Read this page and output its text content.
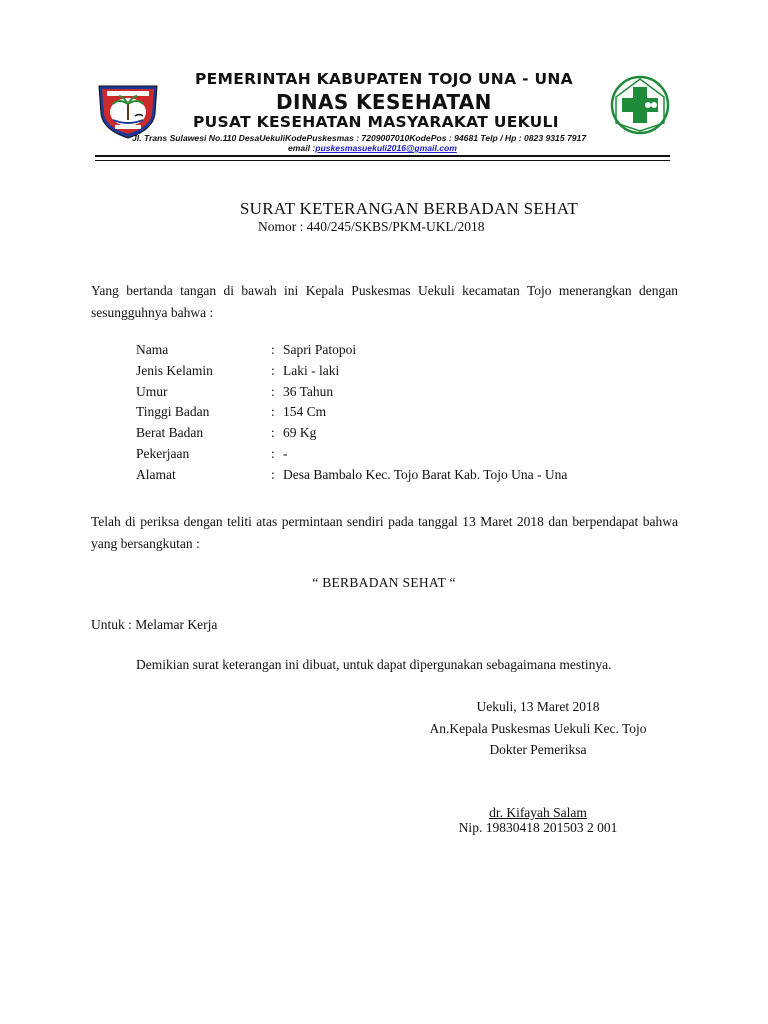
PEMERINTAH KABUPATEN TOJO UNA - UNA
DINAS KESEHATAN
PUSAT KESEHATAN MASYARAKAT UEKULI
Jl. Trans Sulawesi No.110 DesaUekuliKodePuskesmas : 7209007010KodePos : 94681 Telp / Hp : 0823 9315 7917
email :puskesmasuekuli2016@gmail.com
SURAT KETERANGAN BERBADAN SEHAT
Nomor : 440/245/SKBS/PKM-UKL/2018
Yang bertanda tangan di bawah ini Kepala Puskesmas Uekuli kecamatan Tojo menerangkan dengan sesungguhnya bahwa :
Nama	: Sapri Patopoi
Jenis Kelamin	: Laki - laki
Umur	: 36 Tahun
Tinggi Badan	: 154 Cm
Berat Badan	: 69 Kg
Pekerjaan	: -
Alamat	: Desa Bambalo Kec. Tojo Barat Kab. Tojo Una - Una
Telah di periksa dengan teliti atas permintaan sendiri pada tanggal 13 Maret 2018 dan berpendapat bahwa yang bersangkutan :
“ BERBADAN SEHAT “
Untuk : Melamar Kerja
Demikian surat keterangan ini dibuat, untuk dapat dipergunakan sebagaimana mestinya.
Uekuli, 13 Maret 2018
An.Kepala Puskesmas Uekuli Kec. Tojo
Dokter Pemeriksa
dr. Kifayah Salam
Nip. 19830418 201503 2 001
